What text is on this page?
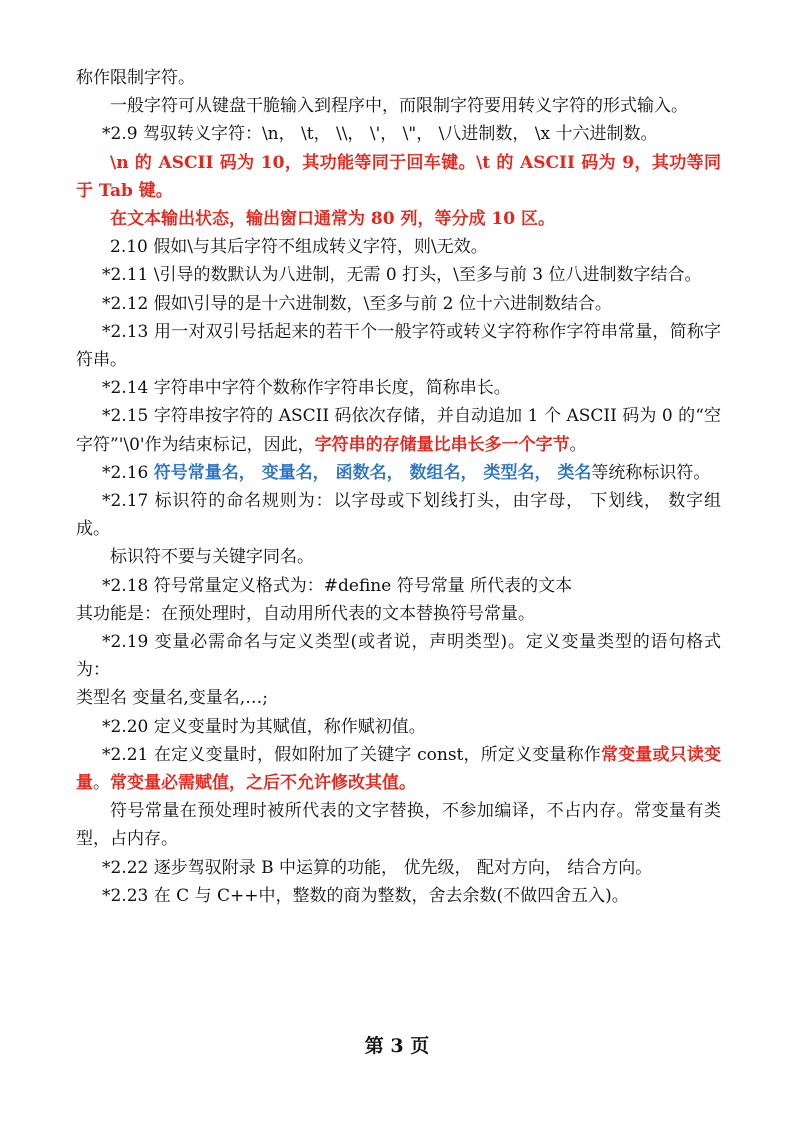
称作限制字符。

一般字符可从键盘干脆输入到程序中，而限制字符要用转义字符的形式输入。

*2.9 驾驭转义字符：\n， \t， \\， \'， \"， \八进制数， \x 十六进制数。

\n 的 ASCII 码为 10，其功能等同于回车键。\t 的 ASCII 码为 9，其功等同于 Tab 键。

在文本输出状态，输出窗口通常为 80 列，等分成 10 区。

2.10 假如\与其后字符不组成转义字符，则\无效。

*2.11 \引导的数默认为八进制，无需 0 打头，\至多与前 3 位八进制数字结合。

*2.12 假如\引导的是十六进制数，\至多与前 2 位十六进制数结合。

*2.13 用一对双引号括起来的若干个一般字符或转义字符称作字符串常量，简称字符串。

*2.14 字符串中字符个数称作字符串长度，简称串长。

*2.15 字符串按字符的 ASCII 码依次存储，并自动追加 1 个 ASCII 码为 0 的“空字符”'\0'作为结束标记，因此，字符串的存储量比串长多一个字节。

*2.16 符号常量名， 变量名， 函数名， 数组名， 类型名， 类名等统称标识符。

*2.17 标识符的命名规则为：以字母或下划线打头，由字母， 下划线， 数字组成。

标识符不要与关键字同名。

*2.18 符号常量定义格式为：#define 符号常量 所代表的文本

其功能是：在预处理时，自动用所代表的文本替换符号常量。

*2.19 变量必需命名与定义类型(或者说，声明类型)。定义变量类型的语句格式为：

类型名 变量名,变量名,…;

*2.20 定义变量时为其赋值，称作赋初值。

*2.21 在定义变量时，假如附加了关键字 const，所定义变量称作常变量或只读变量。常变量必需赋值，之后不允许修改其值。

符号常量在预处理时被所代表的文字替换，不参加编译，不占内存。常变量有类型，占内存。

*2.22 逐步驾驭附录 B 中运算的功能， 优先级， 配对方向， 结合方向。

*2.23 在 C 与 C++中，整数的商为整数，舍去余数(不做四舍五入)。

第 3 页
